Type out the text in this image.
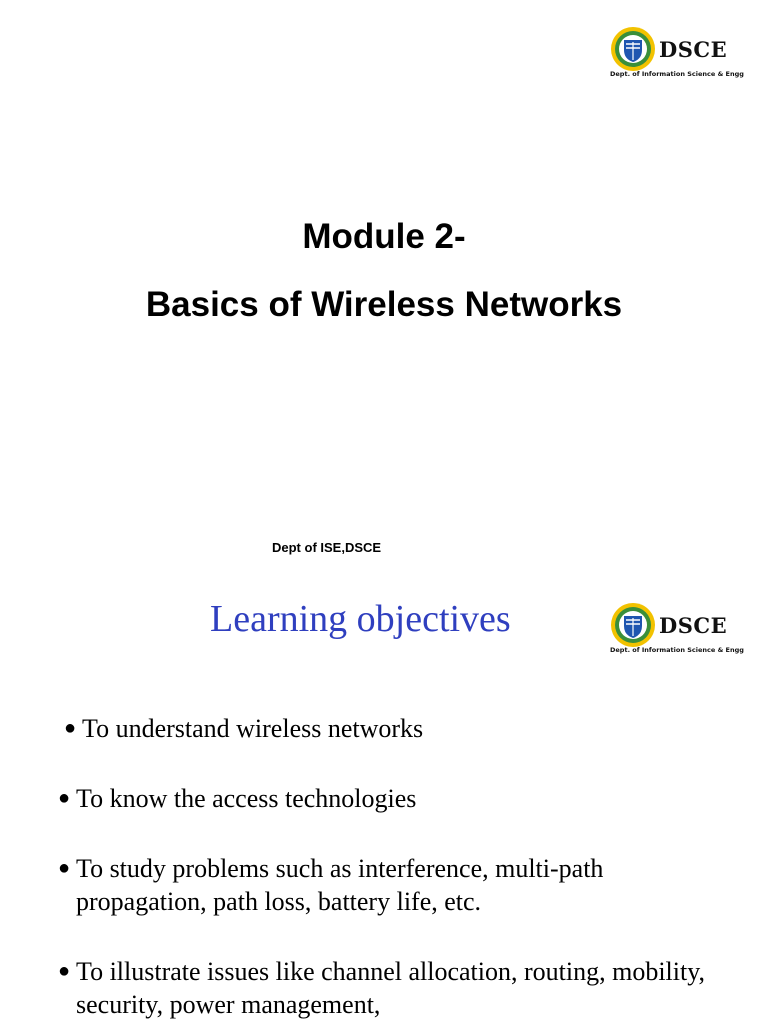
DSCE
Dept. of Information Science & Engg
Module 2-
Basics of Wireless Networks
Dept of ISE,DSCE
DSCE
Dept. of Information Science & Engg
Learning objectives
● To understand wireless networks
● To know the access technologies
● To study problems such as interference, multi-path propagation, path loss, battery life, etc.
● To illustrate issues like channel allocation, routing, mobility, security, power management,
